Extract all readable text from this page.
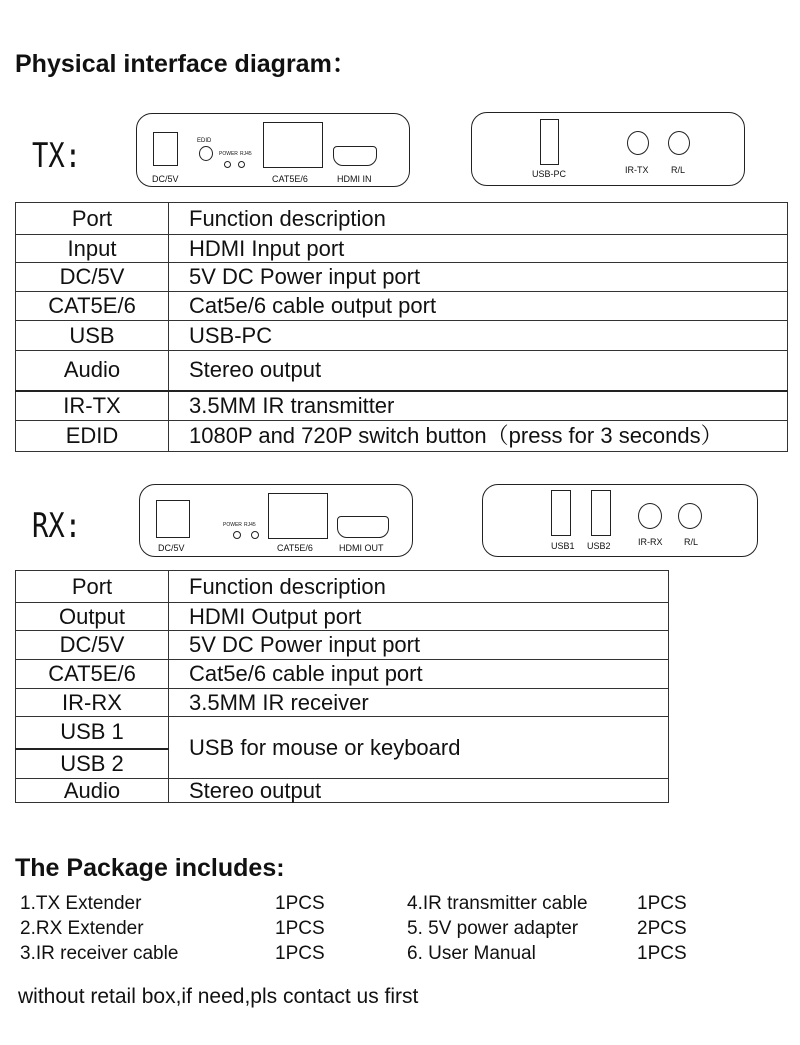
Physical interface diagram：
TX:
DC/5V
EDID
POWER RJ45
CAT5E/6	HDMI IN	USB-PC	IR-TX	R/L
Port	Function description
Input	HDMI Input port
DC/5V	5V DC Power input port
CAT5E/6	Cat5e/6 cable output port
USB	USB-PC
Audio	Stereo output
IR-TX	3.5MM IR transmitter
EDID	1080P and 720P switch button（press for 3 seconds）
RX:
DC/5V
POWER RJ45
CAT5E/6	HDMI OUT	USB1 USB2	IR-RX R/L
Port	Function description
Output	HDMI Output port
DC/5V	5V DC Power input port
CAT5E/6	Cat5e/6 cable input port
IR-RX	3.5MM IR receiver
USB 1	USB for mouse or keyboard
USB 2	
Audio	Stereo output
The Package includes:
1.TX Extender	1PCS
2.RX Extender	1PCS
3.IR receiver cable	1PCS
4.IR transmitter cable	1PCS
5. 5V power adapter	2PCS
6. User Manual	1PCS
without retail box,if need,pls contact us first
